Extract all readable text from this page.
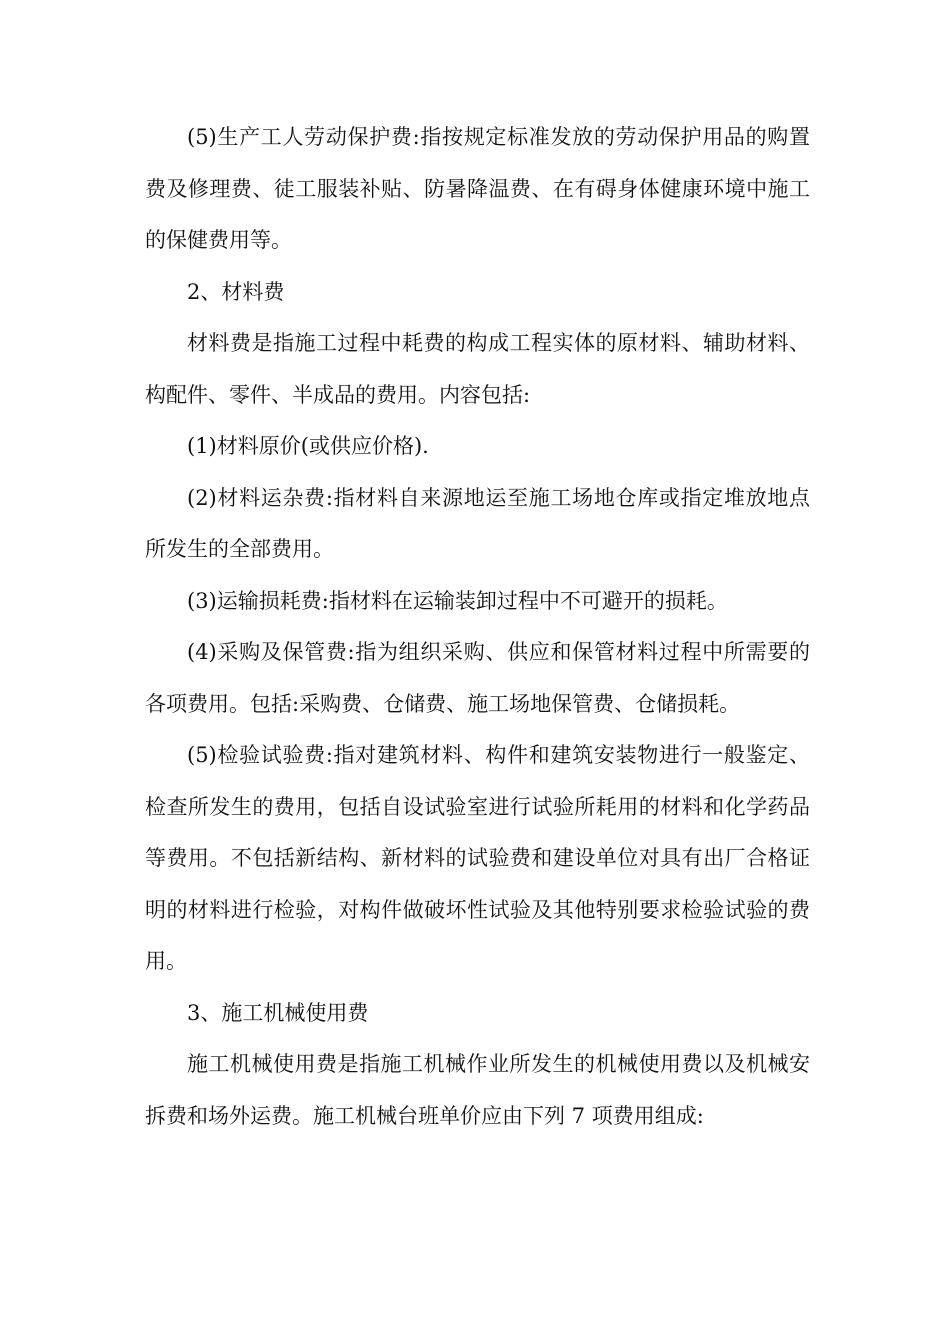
(5)生产工人劳动保护费:指按规定标准发放的劳动保护用品的购置费及修理费、徒工服装补贴、防暑降温费、在有碍身体健康环境中施工的保健费用等。

2、材料费

材料费是指施工过程中耗费的构成工程实体的原材料、辅助材料、构配件、零件、半成品的费用。内容包括:

(1)材料原价(或供应价格).

(2)材料运杂费:指材料自来源地运至施工场地仓库或指定堆放地点所发生的全部费用。

(3)运输损耗费:指材料在运输装卸过程中不可避开的损耗。

(4)采购及保管费:指为组织采购、供应和保管材料过程中所需要的各项费用。包括:采购费、仓储费、施工场地保管费、仓储损耗。

(5)检验试验费:指对建筑材料、构件和建筑安装物进行一般鉴定、检查所发生的费用，包括自设试验室进行试验所耗用的材料和化学药品等费用。不包括新结构、新材料的试验费和建设单位对具有出厂合格证明的材料进行检验，对构件做破坏性试验及其他特别要求检验试验的费用。

3、施工机械使用费

施工机械使用费是指施工机械作业所发生的机械使用费以及机械安拆费和场外运费。施工机械台班单价应由下列 7 项费用组成:
